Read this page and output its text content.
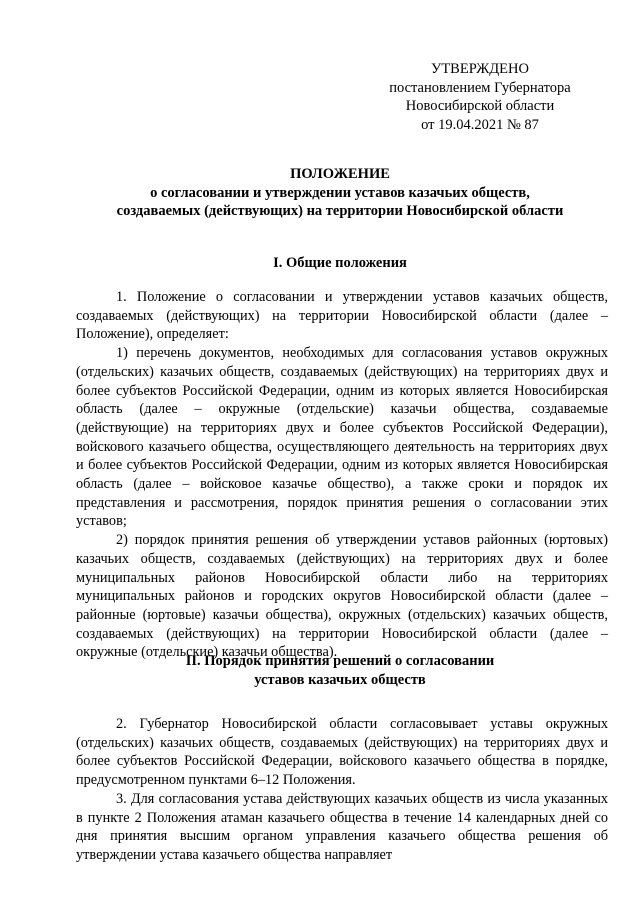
УТВЕРЖДЕНО
постановлением Губернатора
Новосибирской области
от 19.04.2021 № 87
ПОЛОЖЕНИЕ
о согласовании и утверждении уставов казачьих обществ,
создаваемых (действующих) на территории Новосибирской области
I. Общие положения

1. Положение о согласовании и утверждении уставов казачьих обществ, создаваемых (действующих) на территории Новосибирской области (далее – Положение), определяет:

1) перечень документов, необходимых для согласования уставов окружных (отдельских) казачьих обществ, создаваемых (действующих) на территориях двух и более субъектов Российской Федерации, одним из которых является Новосибирская область (далее – окружные (отдельские) казачьи общества, создаваемые (действующие) на территориях двух и более субъектов Российской Федерации), войскового казачьего общества, осуществляющего деятельность на территориях двух и более субъектов Российской Федерации, одним из которых является Новосибирская область (далее – войсковое казачье общество), а также сроки и порядок их представления и рассмотрения, порядок принятия решения о согласовании этих уставов;

2) порядок принятия решения об утверждении уставов районных (юртовых) казачьих обществ, создаваемых (действующих) на территориях двух и более муниципальных районов Новосибирской области либо на территориях муниципальных районов и городских округов Новосибирской области (далее – районные (юртовые) казачьи общества), окружных (отдельских) казачьих обществ, создаваемых (действующих) на территории Новосибирской области (далее – окружные (отдельские) казачьи общества).

II. Порядок принятия решений о согласовании
уставов казачьих обществ

2. Губернатор Новосибирской области согласовывает уставы окружных (отдельских) казачьих обществ, создаваемых (действующих) на территориях двух и более субъектов Российской Федерации, войскового казачьего общества в порядке, предусмотренном пунктами 6–12 Положения.

3. Для согласования устава действующих казачьих обществ из числа указанных в пункте 2 Положения атаман казачьего общества в течение 14 календарных дней со дня принятия высшим органом управления казачьего общества решения об утверждении устава казачьего общества направляет
